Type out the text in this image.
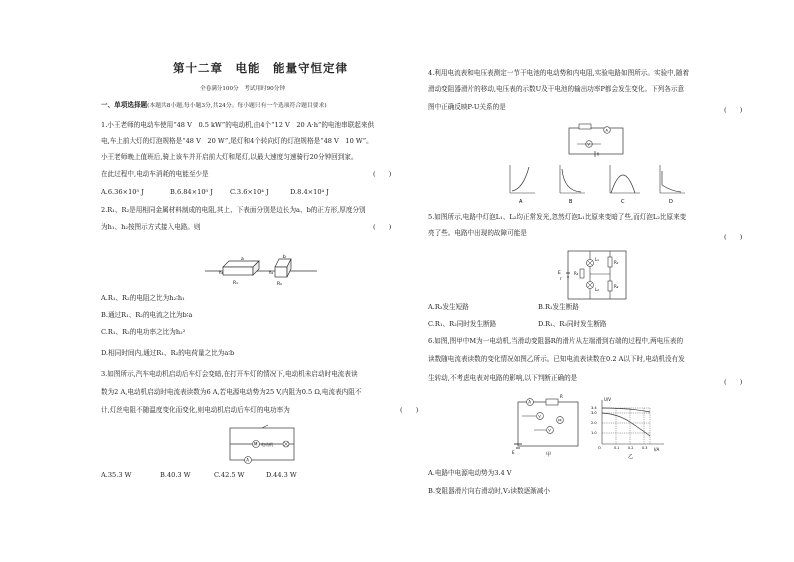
第十二章　电能　能量守恒定律
全卷满分100分　考试用时90分钟
一、单项选择题(本题共8小题,每小题3分,共24分。每小题只有一个选项符合题目要求)
1.小王老师的电动车使用“48 V　0.5 kW”的电动机,由4个“12 V　20 A·h”的电池串联起来供
电,车上前大灯的灯泡规格是“48 V　20 W”,尾灯和4个转向灯的灯泡规格是“48 V　10 W”。
小王老师晚上值班后,骑上该车并开启前大灯和尾灯,以最大速度匀速骑行20分钟回到家。
在此过程中,电动车消耗的电能至少是	(　　)
A.6.36×10⁵ J	B.6.84×10⁵ J	C.3.6×10⁴ J	D.8.4×10⁴ J
2.R₁、R₂是用相同金属材料制成的电阻,其上、下表面分别是边长为a、b的正方形,厚度分别
为h₁、h₂按图示方式接入电路。则	(　　)
a	b
h₁	h₂
R₁	R₂
A.R₁、R₂的电阻之比为h₂∶h₁
B.通过R₁、R₂的电流之比为b∶a
C.R₁、R₂的电功率之比为h₂²
D.相同时间内,通过R₁、R₂的电荷量之比为a∶b
3.如图所示,汽车电动机启动后车灯会变暗,在打开车灯的情况下,电动机未启动时电流表读
数为2 A,电动机启动时电流表读数为6 A,若电源电动势为25 V,内阻为0.5 Ω,电流表内阻不
计,灯丝电阻不随温度变化而变化,则电动机启动后车灯的电功率为	(　　)
A
M 电动机
A.35.3 W	B.40.3 W	C.42.5 W	D.44.3 W
4.利用电流表和电压表测定一节干电池的电动势和内电阻,实验电路如图所示。实验中,随着
滑动变阻器滑片的移动,电压表的示数U及干电池的输出功率P都会发生变化。下列各示意
图中正确反映P-U关系的是	(　　)
A
V
A	B	C	D
5.如图所示,电路中灯泡L₁、L₂均正常发光,忽然灯泡L₁比原来变暗了些,而灯泡L₂比原来变
亮了些。电路中出现的故障可能是	(　　)
E
r
L₁
L₂
R₃
R₁
R₂
A.R₃发生短路	B.R₁发生断路
C.R₁、R₂同时发生断路	D.R₁、R₃同时发生断路
6.如图,图甲中M为一电动机,当滑动变阻器R的滑片从左端滑到右端的过程中,两电压表的
读数随电流表读数的变化情况如图乙所示。已知电流表读数在0.2 A以下时,电动机没有发
生转动,不考虑电表对电路的影响,以下判断正确的是	(　　)
A
R
V
M
V
E	甲
U/V
I/A
3.4
3.0
2.0
1.0
O	0.1	0.2	0.3
乙
A.电路中电源电动势为3.4 V
B.变阻器滑片向右滑动时,V₂读数逐渐减小
